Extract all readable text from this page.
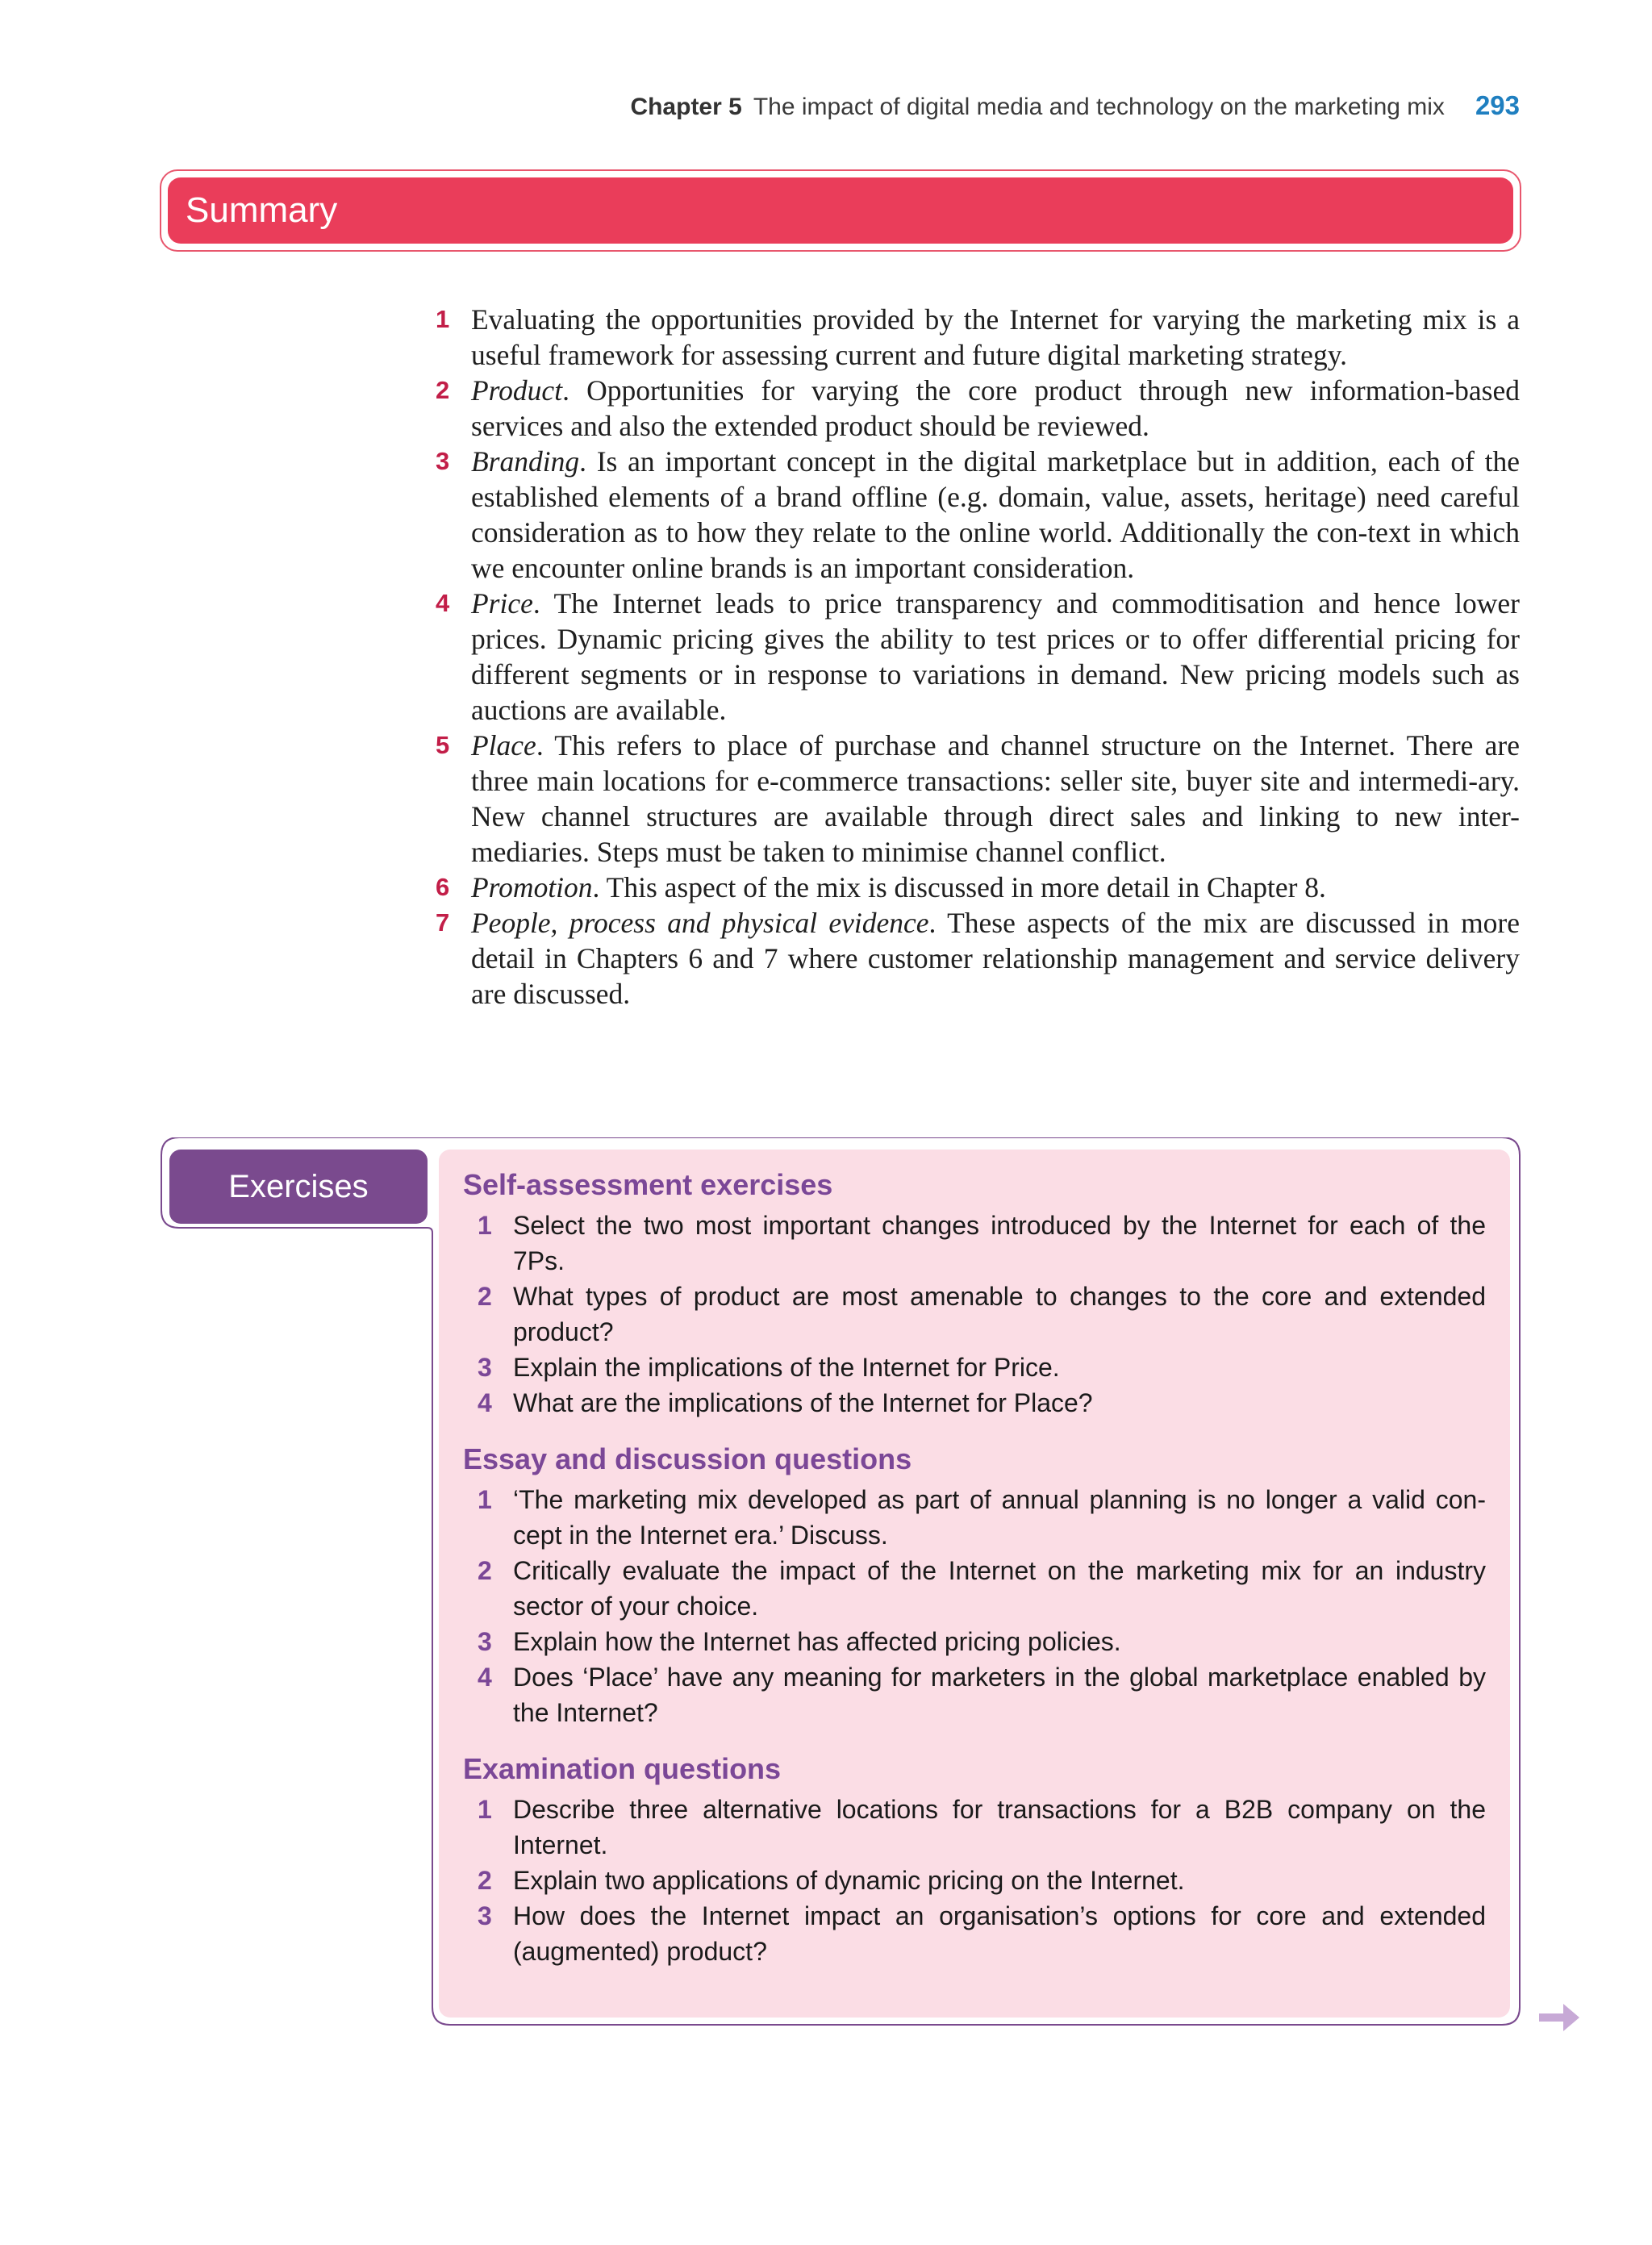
Chapter 5 The impact of digital media and technology on the marketing mix 293
Summary
1 Evaluating the opportunities provided by the Internet for varying the marketing mix is a useful framework for assessing current and future digital marketing strategy.
2 Product. Opportunities for varying the core product through new information-based services and also the extended product should be reviewed.
3 Branding. Is an important concept in the digital marketplace but in addition, each of the established elements of a brand offline (e.g. domain, value, assets, heritage) need careful consideration as to how they relate to the online world. Additionally the con-text in which we encounter online brands is an important consideration.
4 Price. The Internet leads to price transparency and commoditisation and hence lower prices. Dynamic pricing gives the ability to test prices or to offer differential pricing for different segments or in response to variations in demand. New pricing models such as auctions are available.
5 Place. This refers to place of purchase and channel structure on the Internet. There are three main locations for e-commerce transactions: seller site, buyer site and intermedi-ary. New channel structures are available through direct sales and linking to new inter-mediaries. Steps must be taken to minimise channel conflict.
6 Promotion. This aspect of the mix is discussed in more detail in Chapter 8.
7 People, process and physical evidence. These aspects of the mix are discussed in more detail in Chapters 6 and 7 where customer relationship management and service delivery are discussed.
Exercises	Self-assessment exercises
1 Select the two most important changes introduced by the Internet for each of the 7Ps.
2 What types of product are most amenable to changes to the core and extended product?
3 Explain the implications of the Internet for Price.
4 What are the implications of the Internet for Place?
Essay and discussion questions
1 ‘The marketing mix developed as part of annual planning is no longer a valid con-cept in the Internet era.’ Discuss.
2 Critically evaluate the impact of the Internet on the marketing mix for an industry sector of your choice.
3 Explain how the Internet has affected pricing policies.
4 Does ‘Place’ have any meaning for marketers in the global marketplace enabled by the Internet?
Examination questions
1 Describe three alternative locations for transactions for a B2B company on the Internet.
2 Explain two applications of dynamic pricing on the Internet.
3 How does the Internet impact an organisation’s options for core and extended (augmented) product?
